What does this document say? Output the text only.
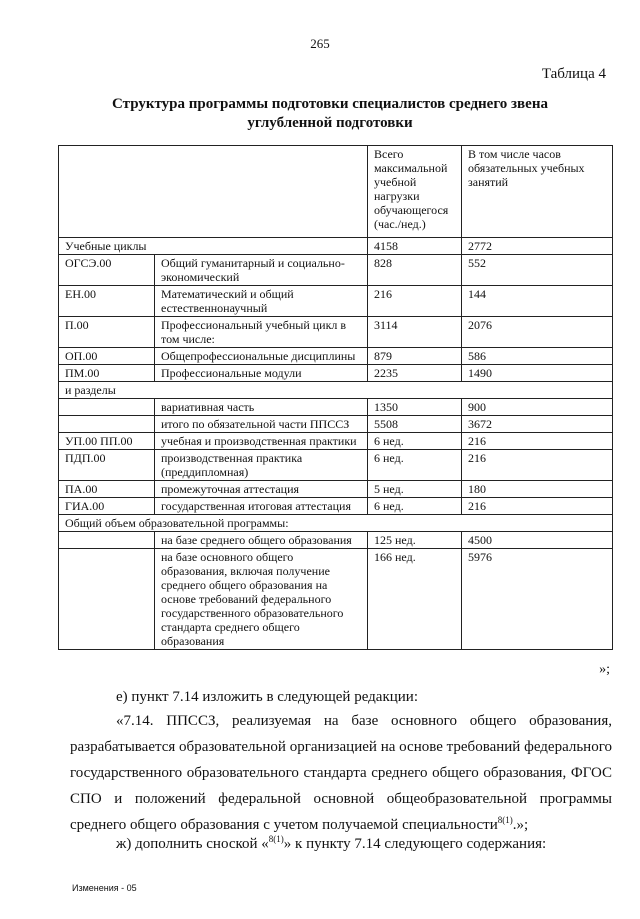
265
Таблица 4
Структура программы подготовки специалистов среднего звена
углубленной подготовки
		Всего максимальной учебной нагрузки обучающегося (час./нед.)	В том числе часов обязательных учебных занятий
Учебные циклы		4158	2772
ОГСЭ.00	Общий гуманитарный и социально-экономический	828	552
ЕН.00	Математический и общий естественнонаучный	216	144
П.00	Профессиональный учебный цикл в том числе:	3114	2076
ОП.00	Общепрофессиональные дисциплины	879	586
ПМ.00	Профессиональные модули	2235	1490
и разделы			
	вариативная часть	1350	900
	итого по обязательной части ППССЗ	5508	3672
УП.00 ПП.00	учебная и производственная практики	6 нед.	216
ПДП.00	производственная практика (преддипломная)	6 нед.	216
ПА.00	промежуточная аттестация	5 нед.	180
ГИА.00	государственная итоговая аттестация	6 нед.	216
Общий объем образовательной программы:			
	на базе среднего общего образования	125 нед.	4500
	на базе основного общего образования, включая получение среднего общего образования на основе требований федерального государственного образовательного стандарта среднего общего образования	166 нед.	5976
»;
е) пункт 7.14 изложить в следующей редакции:
«7.14. ППССЗ, реализуемая на базе основного общего образования, разрабатывается образовательной организацией на основе требований федерального государственного образовательного стандарта среднего общего образования, ФГОС СПО и положений федеральной основной общеобразовательной программы среднего общего образования с учетом получаемой специальности$^{8(1)}$.»;
ж) дополнить сноской «$^{8(1)}$» к пункту 7.14 следующего содержания:
Изменения - 05
